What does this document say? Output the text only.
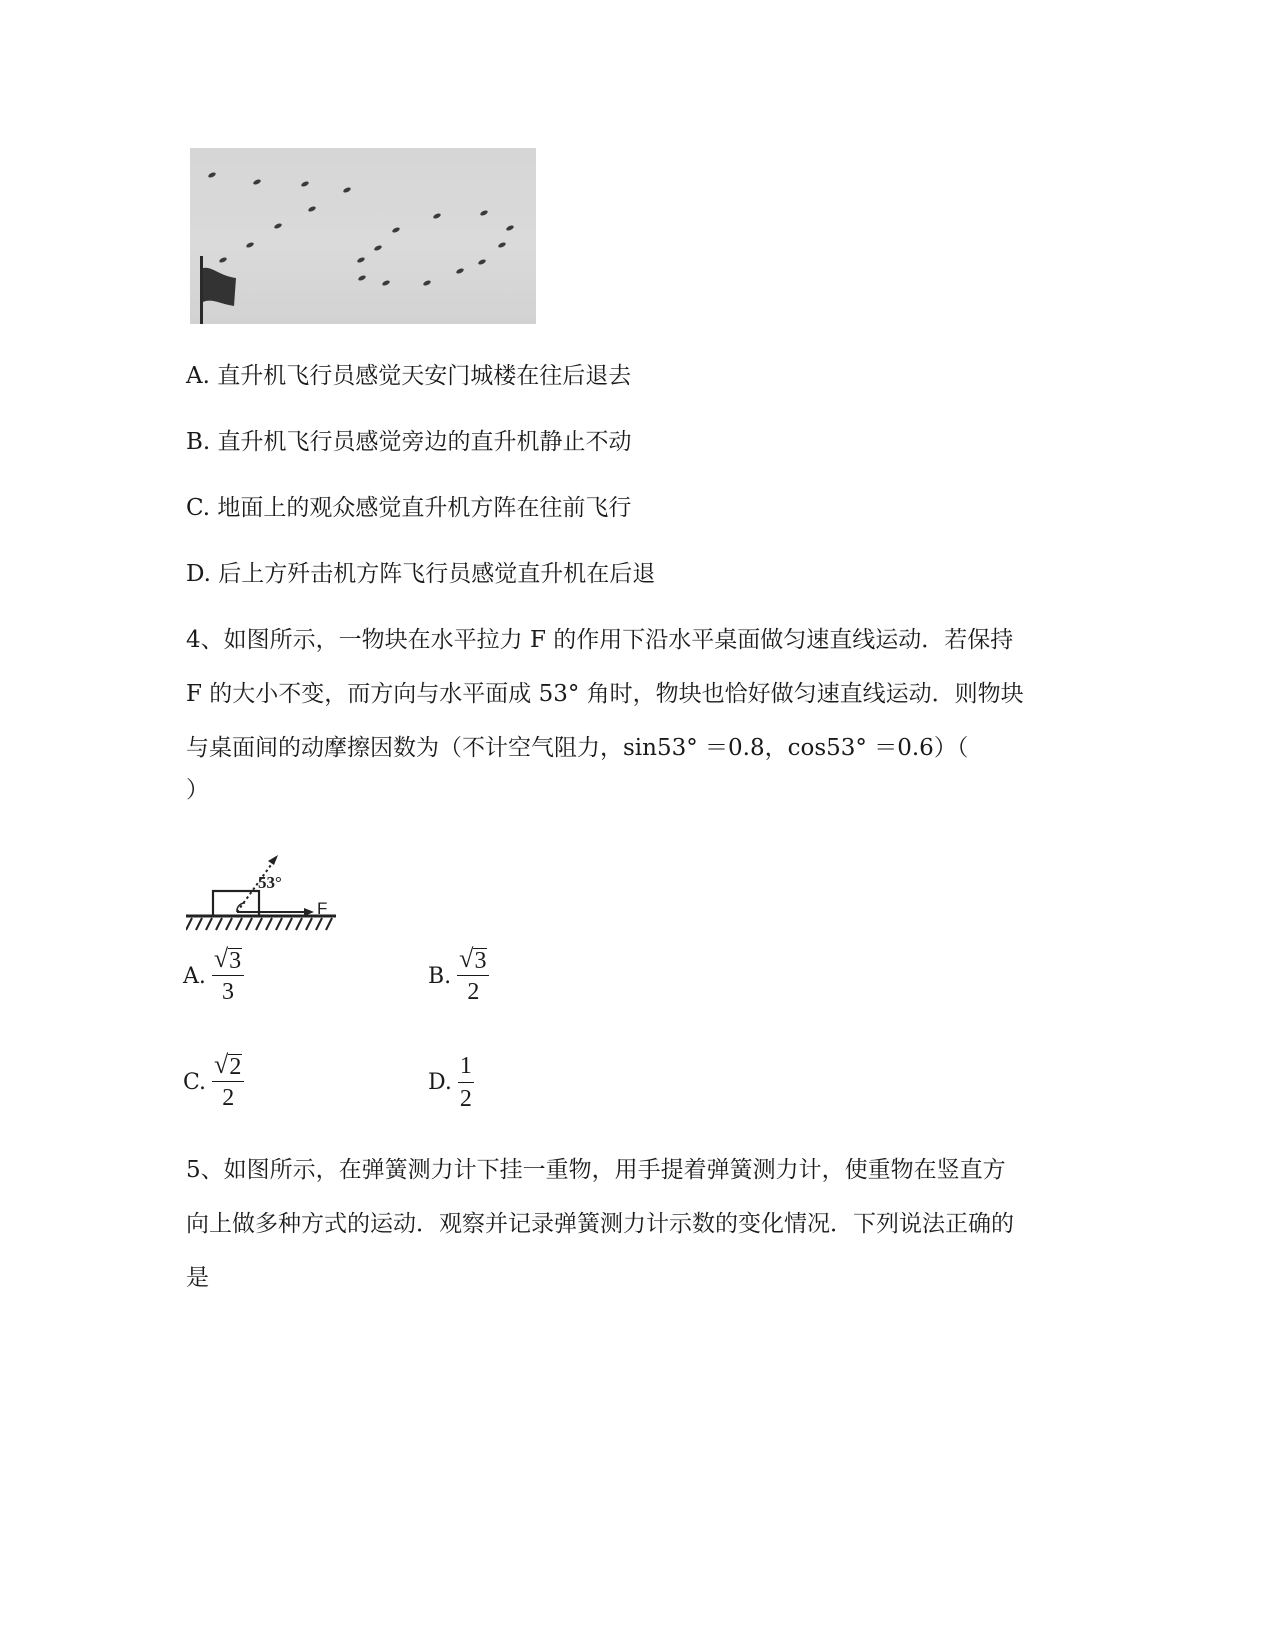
A. 直升机飞行员感觉天安门城楼在往后退去
B. 直升机飞行员感觉旁边的直升机静止不动
C. 地面上的观众感觉直升机方阵在往前飞行
D. 后上方歼击机方阵飞行员感觉直升机在后退
4、如图所示，一物块在水平拉力 F 的作用下沿水平桌面做匀速直线运动．若保持
F 的大小不变，而方向与水平面成 53° 角时，物块也恰好做匀速直线运动．则物块
与桌面间的动摩擦因数为（不计空气阻力，sin53° ＝0.8，cos53° ＝0.6）（
）
53°
F
A. $\frac{√ 3}{3}$	B. $\frac{√ 3}{2}$
C. $\frac{√ 2}{2}$	D. $\frac{1}{2}$
5、如图所示，在弹簧测力计下挂一重物，用手提着弹簧测力计，使重物在竖直方
向上做多种方式的运动．观察并记录弹簧测力计示数的变化情况．下列说法正确的
是
